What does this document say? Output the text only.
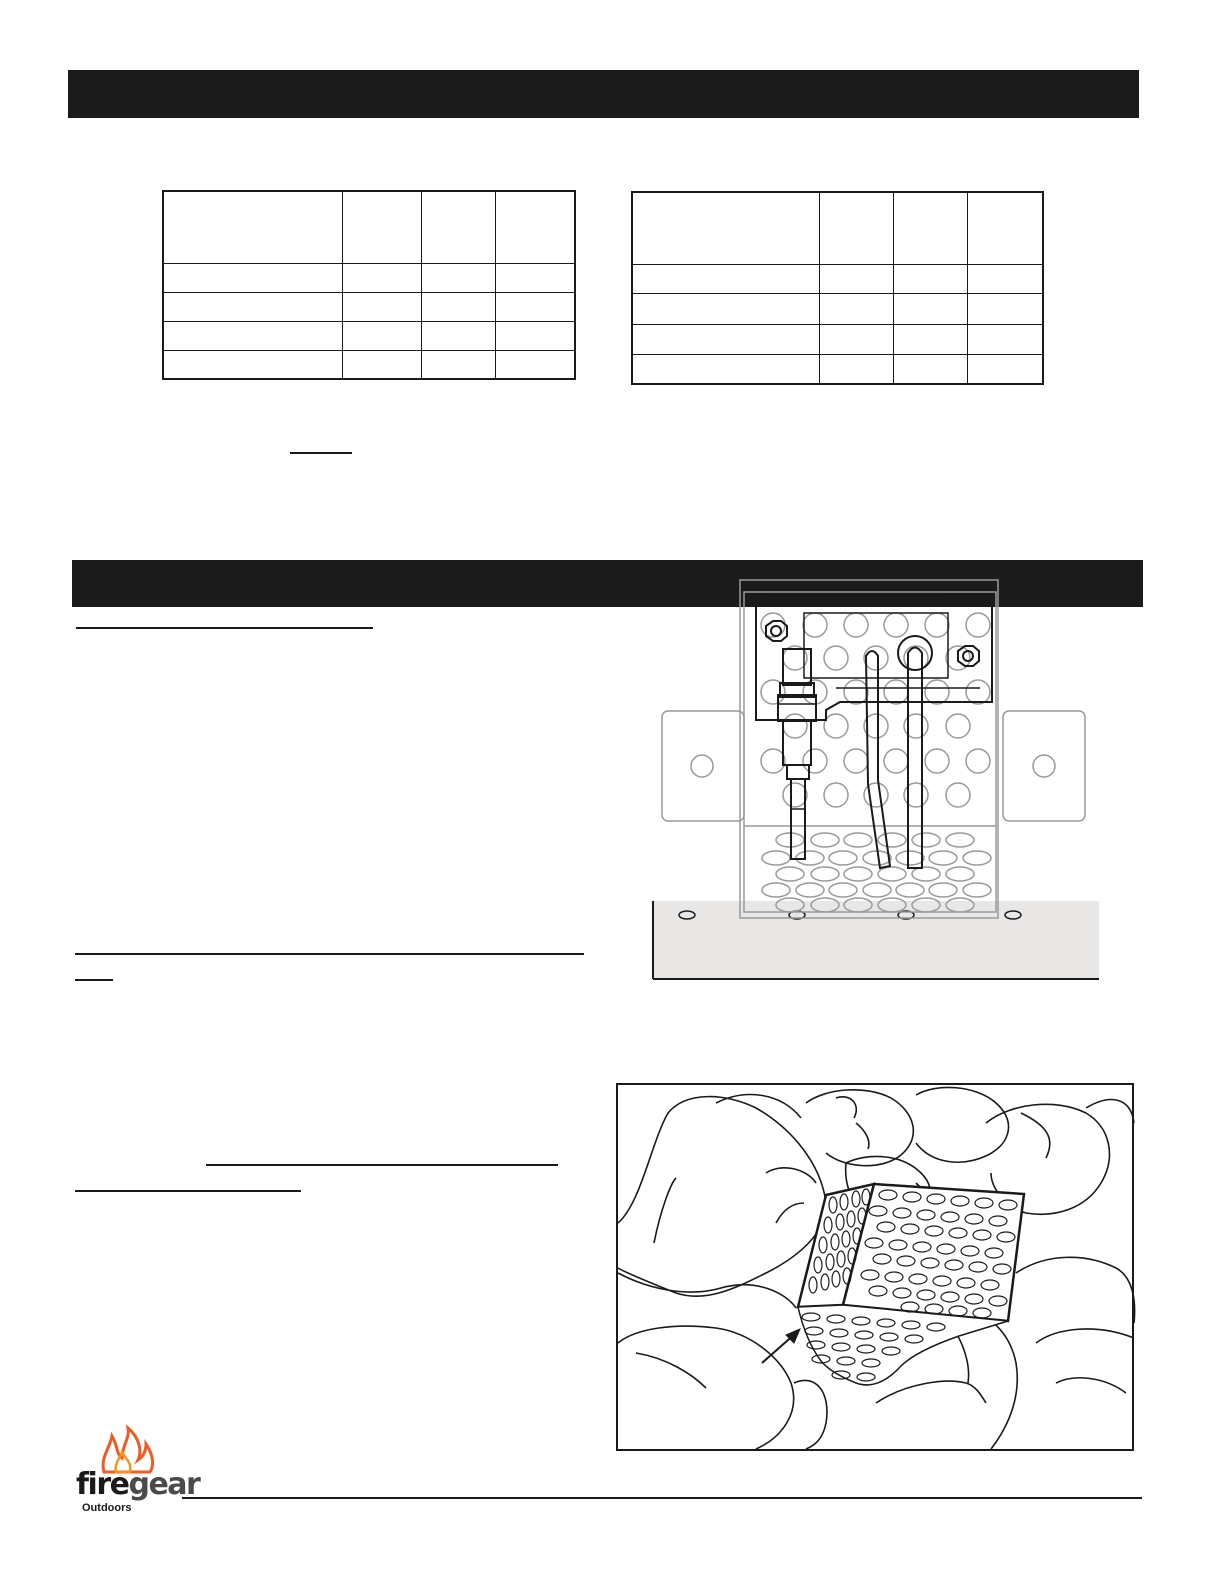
firegear
Outdoors
